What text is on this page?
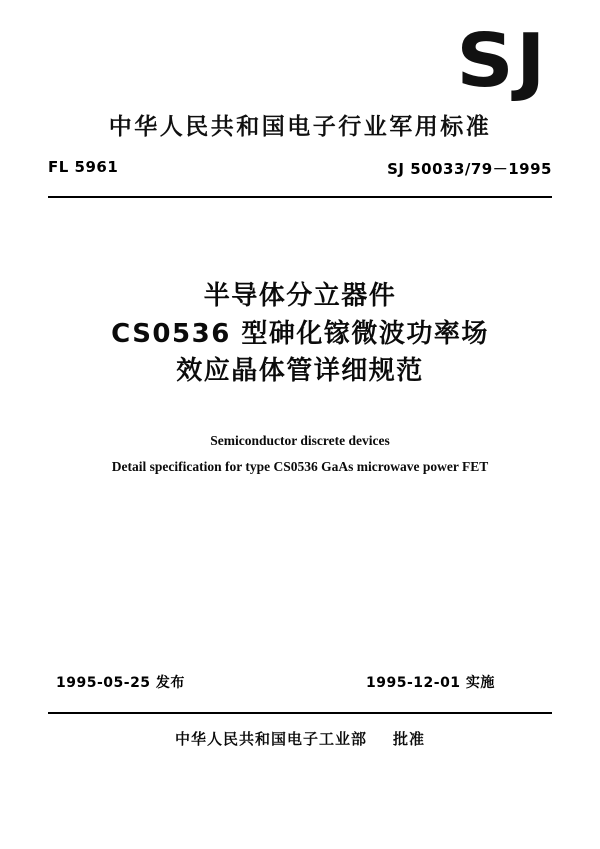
SJ
中华人民共和国电子行业军用标准
FL 5961	SJ 50033/79－1995
半导体分立器件
CS0536 型砷化镓微波功率场
效应晶体管详细规范
Semiconductor discrete devices
Detail specification for type CS0536 GaAs microwave power FET
1995-05-25 发布	1995-12-01 实施
中华人民共和国电子工业部 批准
